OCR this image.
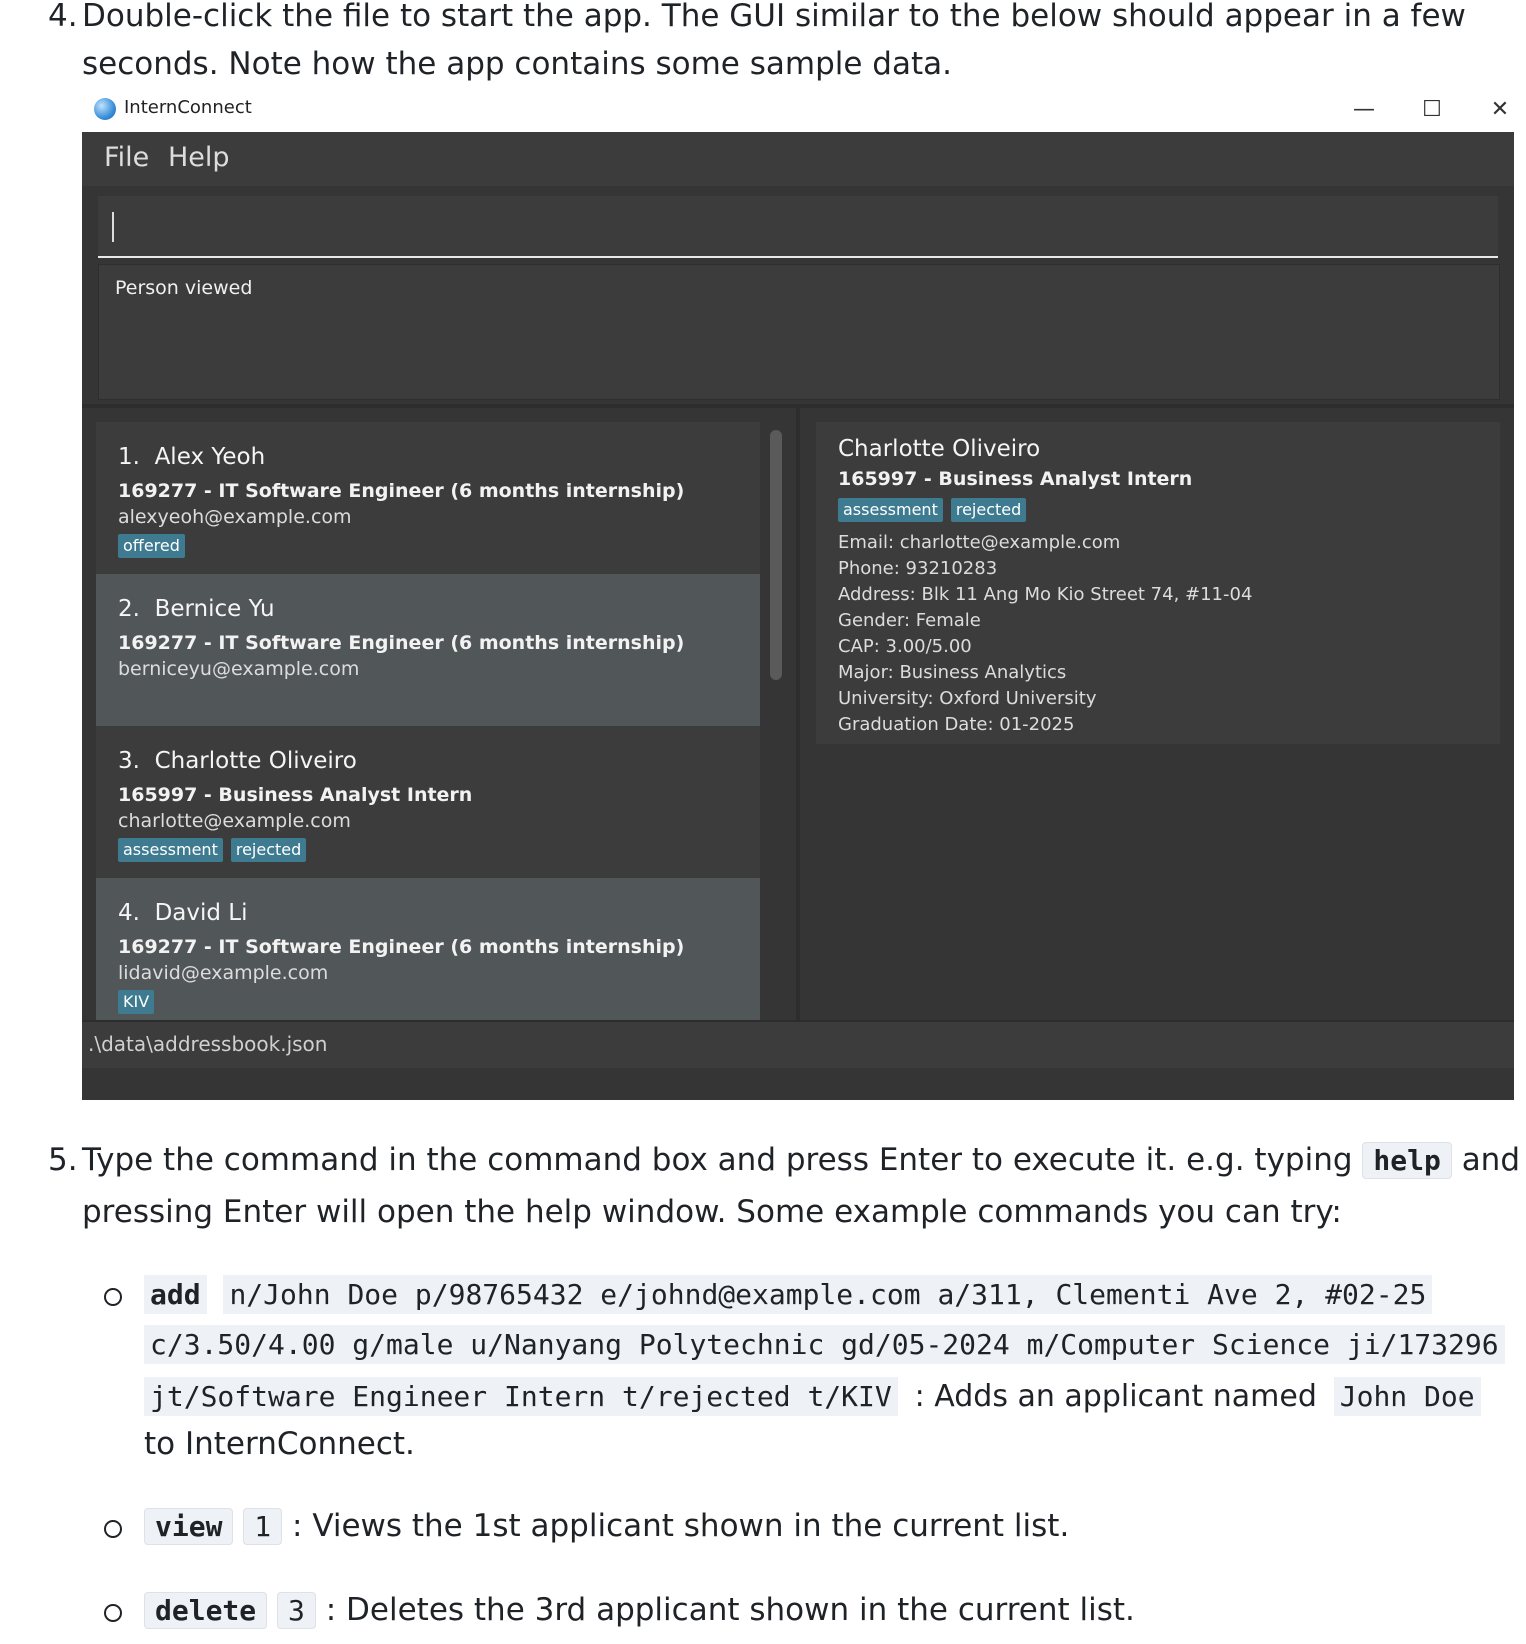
4. Double-click the file to start the app. The GUI similar to the below should appear in a few
seconds. Note how the app contains some sample data.
InternConnect	—	☐	✕
File Help
Person viewed
1. Alex Yeoh
169277 - IT Software Engineer (6 months internship)
alexyeoh@example.com
offered
2. Bernice Yu
169277 - IT Software Engineer (6 months internship)
berniceyu@example.com
3. Charlotte Oliveiro
165997 - Business Analyst Intern
charlotte@example.com
assessment	rejected
4. David Li
169277 - IT Software Engineer (6 months internship)
lidavid@example.com
KIV
Charlotte Oliveiro
165997 - Business Analyst Intern
assessment	rejected
Email: charlotte@example.com
Phone: 93210283
Address: Blk 11 Ang Mo Kio Street 74, #11-04
Gender: Female
CAP: 3.00/5.00
Major: Business Analytics
University: Oxford University
Graduation Date: 01-2025
.\data\addressbook.json
5. Type the command in the command box and press Enter to execute it. e.g. typing help and
pressing Enter will open the help window. Some example commands you can try:
add n/John Doe p/98765432 e/johnd@example.com a/311, Clementi Ave 2, #02-25
c/3.50/4.00 g/male u/Nanyang Polytechnic gd/05-2024 m/Computer Science ji/173296
jt/Software Engineer Intern t/rejected t/KIV : Adds an applicant named John Doe
to InternConnect.
view 1 : Views the 1st applicant shown in the current list.
delete 3 : Deletes the 3rd applicant shown in the current list.
